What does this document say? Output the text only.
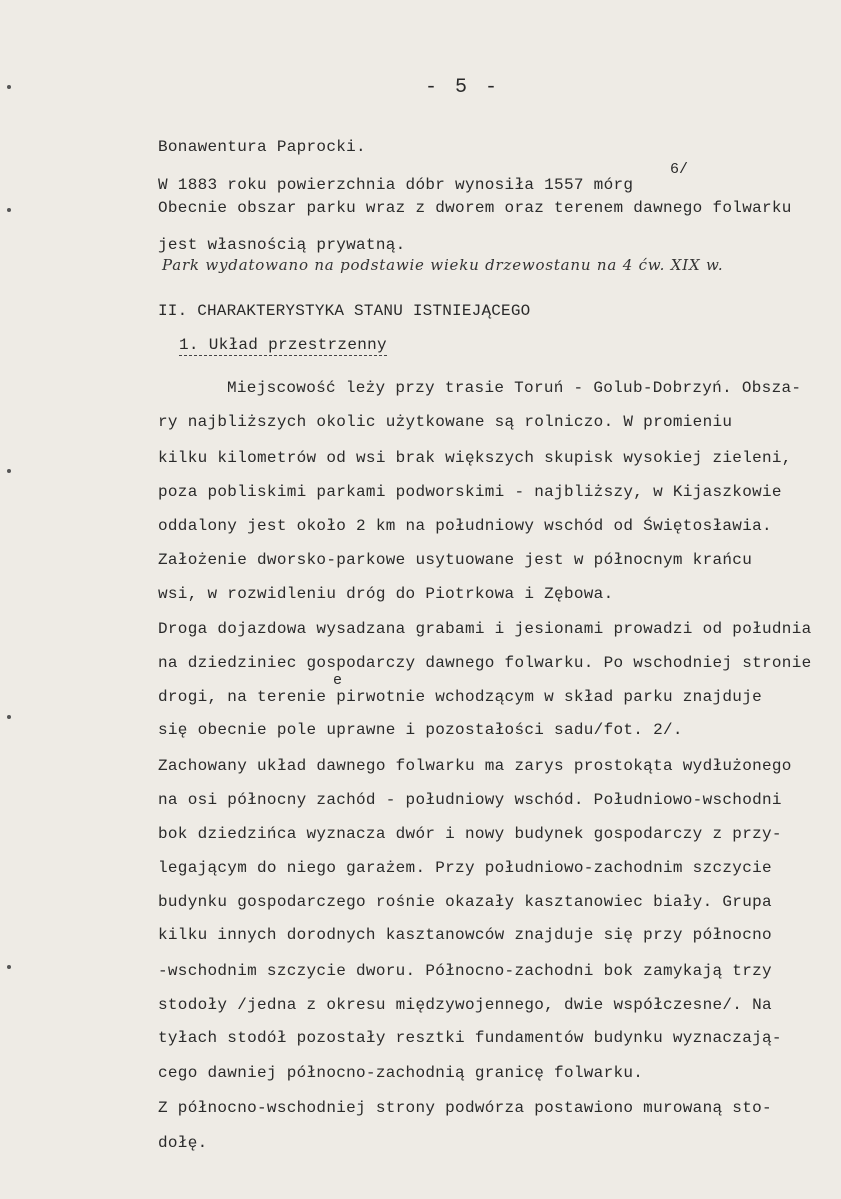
- 5 -
Bonawentura Paprocki.
W 1883 roku powierzchnia dóbr wynosiła 1557 mórg
6/
Obecnie obszar parku wraz z dworem oraz terenem dawnego folwarku
jest własnością prywatną.
Park wydatowano na podstawie wieku drzewostanu na 4 ćw. XIX w.
II. CHARAKTERYSTYKA STANU ISTNIEJĄCEGO
1. Układ przestrzenny
Miejscowość leży przy trasie Toruń - Golub-Dobrzyń. Obsza-
ry najbliższych okolic użytkowane są rolniczo. W promieniu
kilku kilometrów od wsi brak większych skupisk wysokiej zieleni,
poza pobliskimi parkami podworskimi - najbliższy, w Kijaszkowie
oddalony jest około 2 km na południowy wschód od Świętosławia.
Założenie dworsko-parkowe usytuowane jest w północnym krańcu
wsi, w rozwidleniu dróg do Piotrkowa i Zębowa.
Droga dojazdowa wysadzana grabami i jesionami prowadzi od południa
na dziedziniec gospodarczy dawnego folwarku. Po wschodniej stronie
e
drogi, na terenie pirwotnie wchodzącym w skład parku znajduje
się obecnie pole uprawne i pozostałości sadu/fot. 2/.
Zachowany układ dawnego folwarku ma zarys prostokąta wydłużonego
na osi północny zachód - południowy wschód. Południowo-wschodni
bok dziedzińca wyznacza dwór i nowy budynek gospodarczy z przy-
legającym do niego garażem. Przy południowo-zachodnim szczycie
budynku gospodarczego rośnie okazały kasztanowiec biały. Grupa
kilku innych dorodnych kasztanowców znajduje się przy północno
-wschodnim szczycie dworu. Północno-zachodni bok zamykają trzy
stodoły /jedna z okresu międzywojennego, dwie współczesne/. Na
tyłach stodół pozostały resztki fundamentów budynku wyznaczają-
cego dawniej północno-zachodnią granicę folwarku.
Z północno-wschodniej strony podwórza postawiono murowaną sto-
dołę.
